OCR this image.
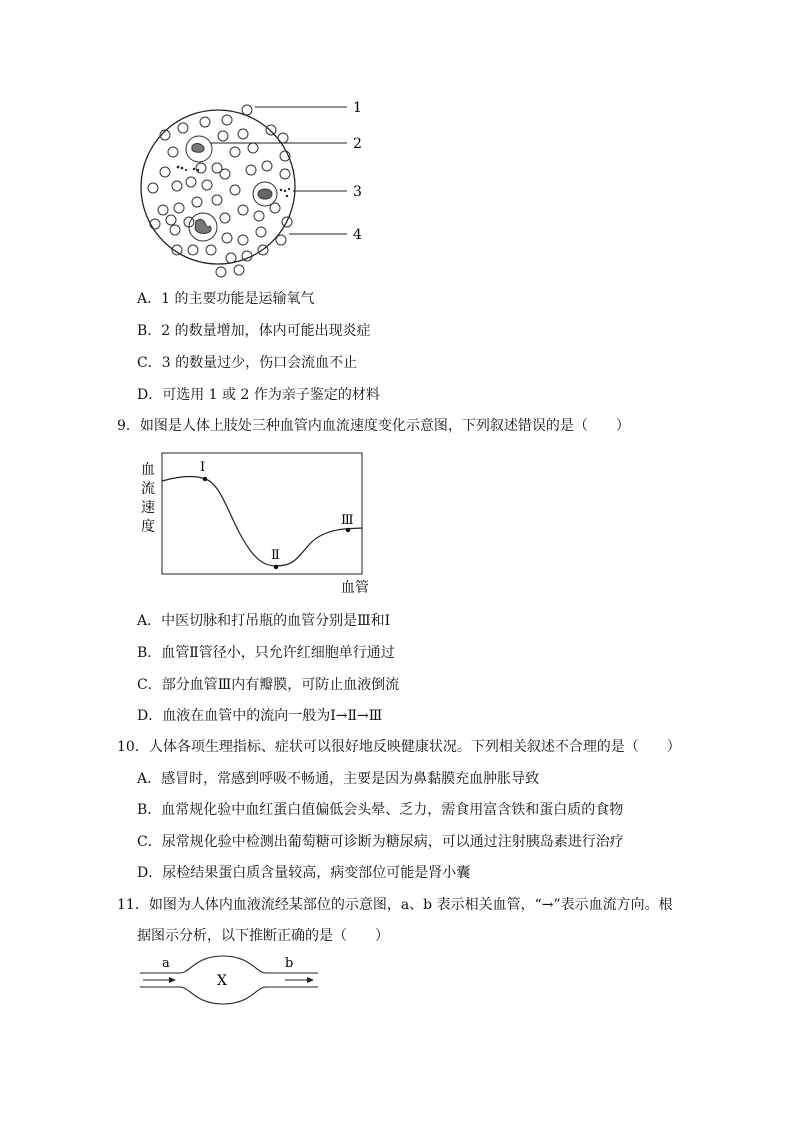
1
2
3
4
A．1 的主要功能是运输氧气
B．2 的数量增加，体内可能出现炎症
C．3 的数量过少，伤口会流血不止
D．可选用 1 或 2 作为亲子鉴定的材料
9．如图是人体上肢处三种血管内血流速度变化示意图，下列叙述错误的是（　　）
血
流
速
度
血管
Ⅰ
Ⅱ
Ⅲ
A．中医切脉和打吊瓶的血管分别是Ⅲ和Ⅰ
B．血管Ⅱ管径小，只允许红细胞单行通过
C．部分血管Ⅲ内有瓣膜，可防止血液倒流
D．血液在血管中的流向一般为Ⅰ→Ⅱ→Ⅲ
10．人体各项生理指标、症状可以很好地反映健康状况。下列相关叙述不合理的是（　　）
A．感冒时，常感到呼吸不畅通，主要是因为鼻黏膜充血肿胀导致
B．血常规化验中血红蛋白值偏低会头晕、乏力，需食用富含铁和蛋白质的食物
C．尿常规化验中检测出葡萄糖可诊断为糖尿病，可以通过注射胰岛素进行治疗
D．尿检结果蛋白质含量较高，病变部位可能是肾小囊
11．如图为人体内血液流经某部位的示意图，a、b 表示相关血管，“→”表示血流方向。根
据图示分析，以下推断正确的是（　　）
a	b
X
